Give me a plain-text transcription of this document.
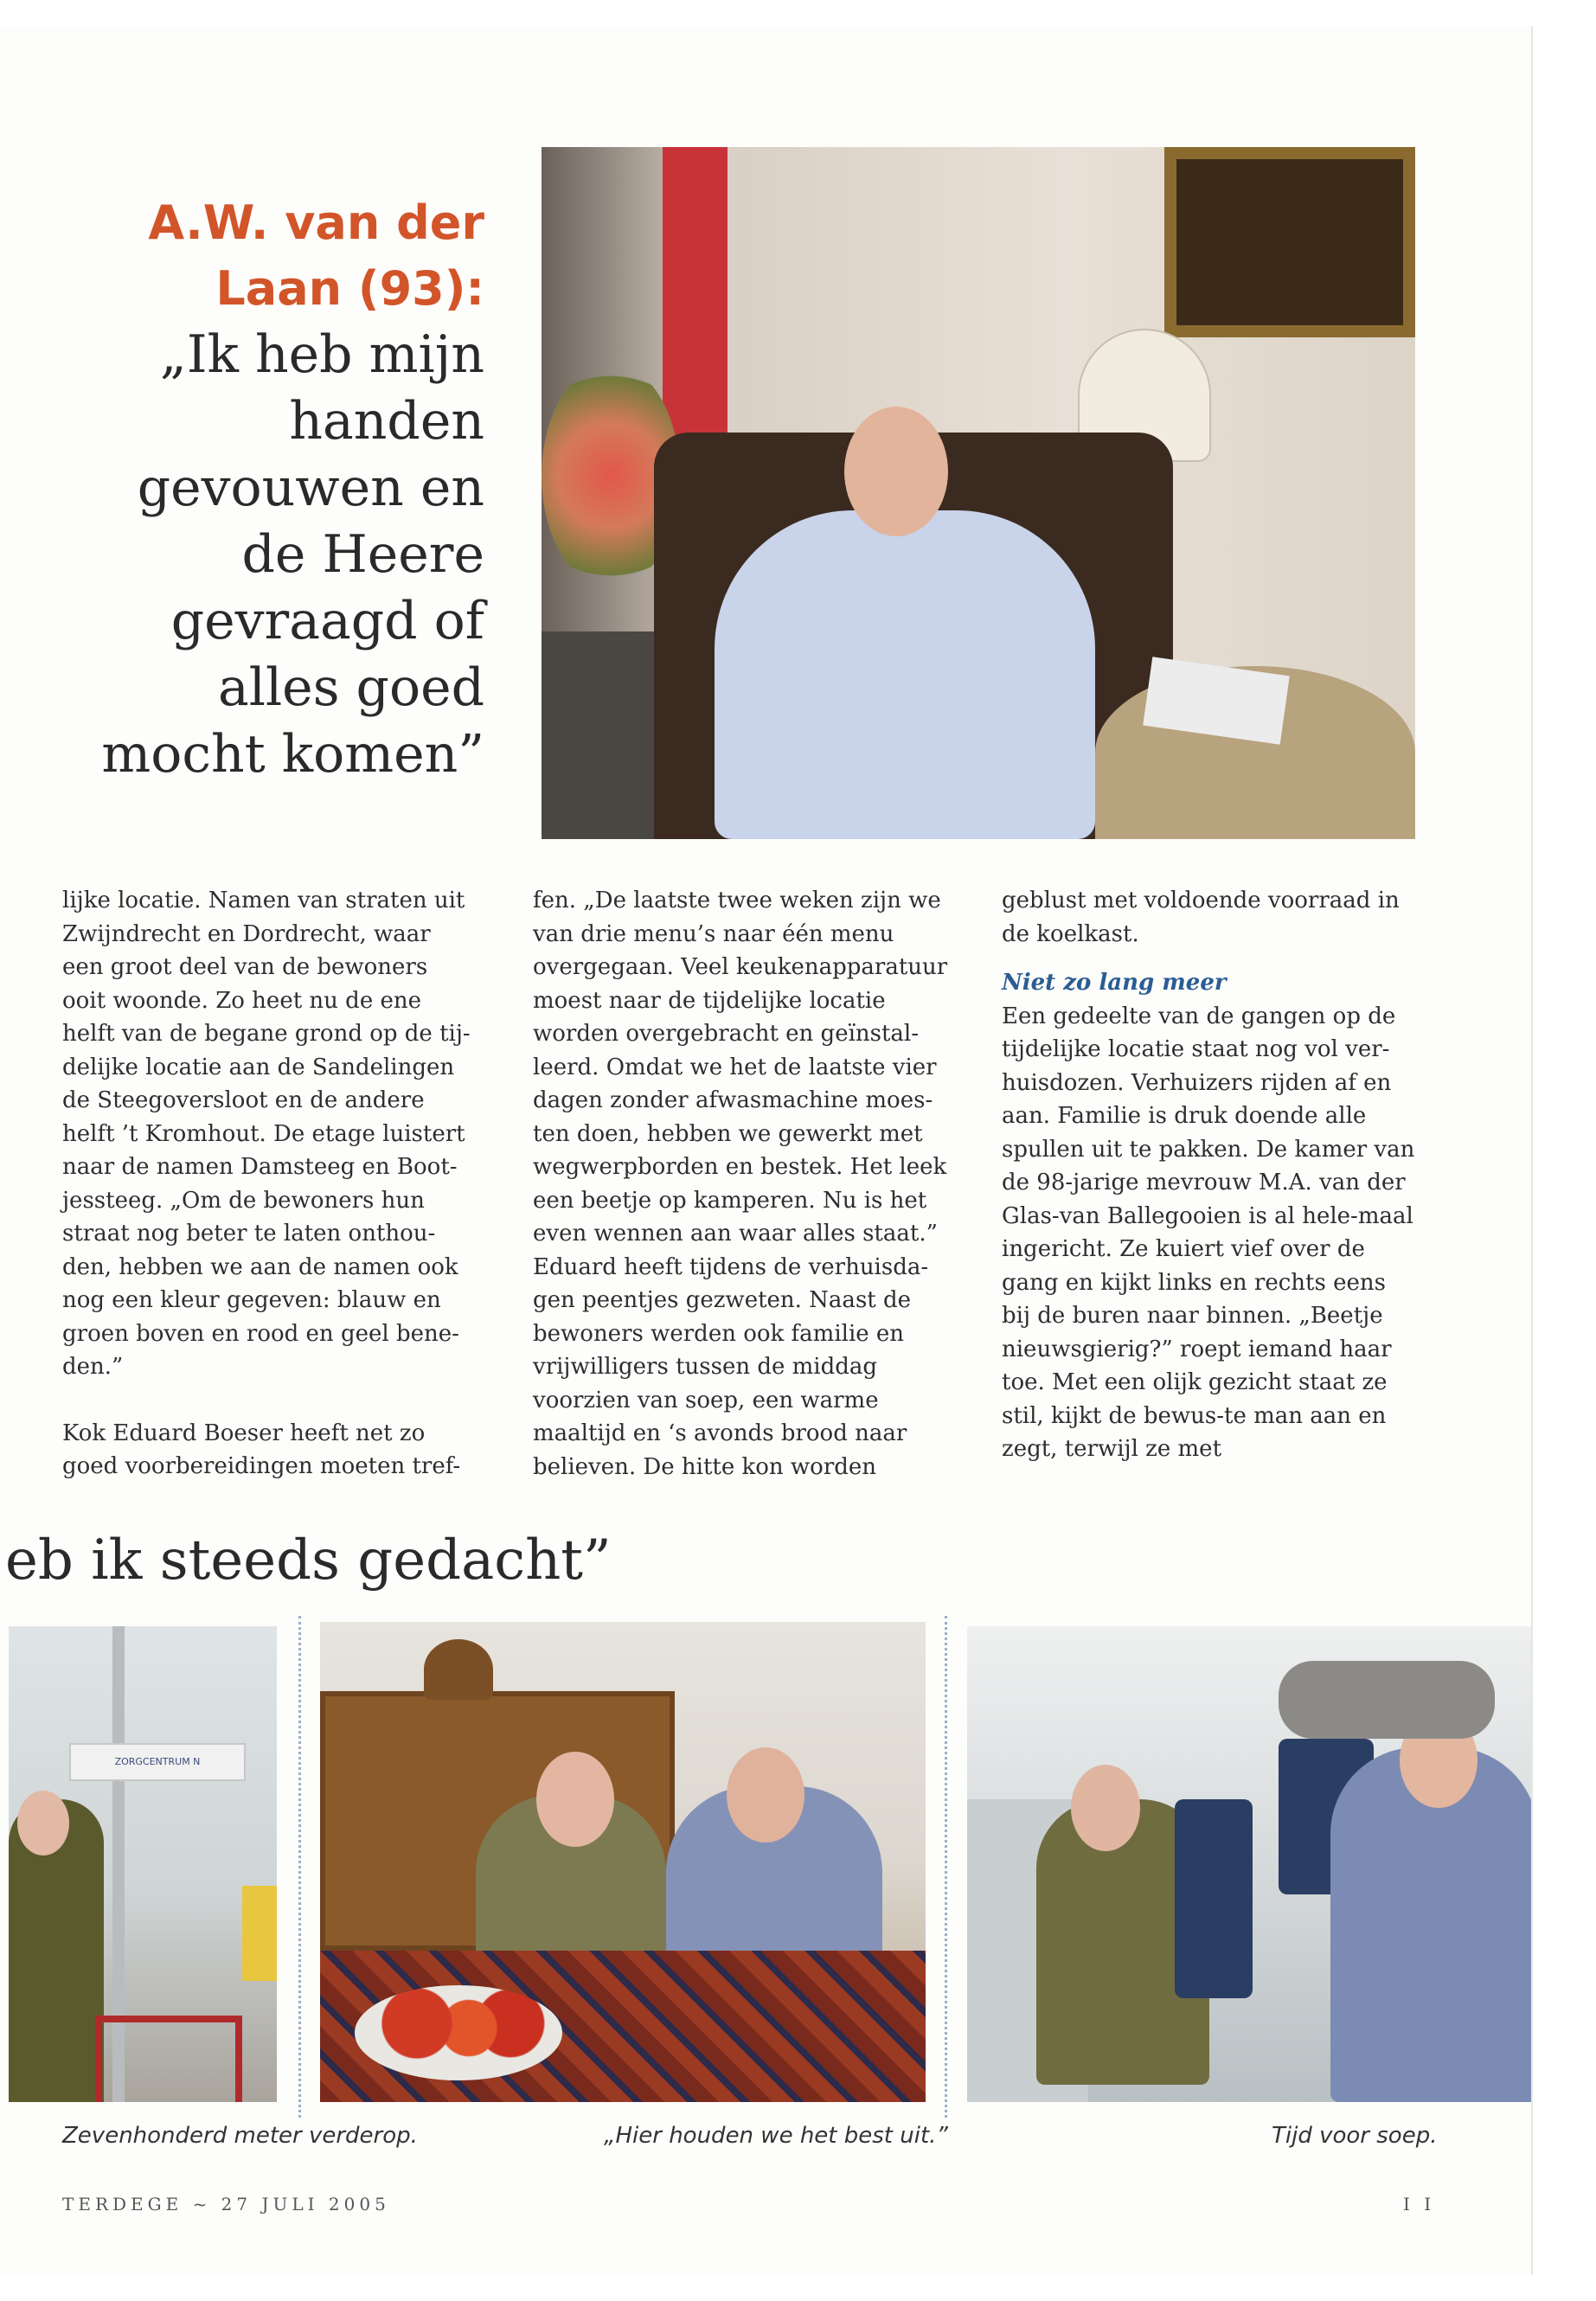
A.W. van der
Laan (93):
„Ik heb mijn
handen
gevouwen en
de Heere
gevraagd of
alles goed
mocht komen”

lijke locatie. Namen van straten uit Zwijndrecht en Dordrecht, waar een groot deel van de bewoners ooit woonde. Zo heet nu de ene helft van de begane grond op de tij-delijke locatie aan de Sandelingen de Steegoversloot en de andere helft ’t Kromhout. De etage luistert naar de namen Damsteeg en Boot-jessteeg. „Om de bewoners hun straat nog beter te laten onthou-den, hebben we aan de namen ook nog een kleur gegeven: blauw en groen boven en rood en geel bene-den.”

Kok Eduard Boeser heeft net zo goed voorbereidingen moeten tref-

fen. „De laatste twee weken zijn we van drie menu’s naar één menu overgegaan. Veel keukenapparatuur moest naar de tijdelijke locatie worden overgebracht en geïnstal-leerd. Omdat we het de laatste vier dagen zonder afwasmachine moes-ten doen, hebben we gewerkt met wegwerpborden en bestek. Het leek een beetje op kamperen. Nu is het even wennen aan waar alles staat.” Eduard heeft tijdens de verhuisda-gen peentjes gezweten. Naast de bewoners werden ook familie en vrijwilligers tussen de middag voorzien van soep, een warme maaltijd en ‘s avonds brood naar believen. De hitte kon worden

geblust met voldoende voorraad in de koelkast.

Niet zo lang meer

Een gedeelte van de gangen op de tijdelijke locatie staat nog vol ver-huisdozen. Verhuizers rijden af en aan. Familie is druk doende alle spullen uit te pakken. De kamer van de 98-jarige mevrouw M.A. van der Glas-van Ballegooien is al hele-maal ingericht. Ze kuiert vief over de gang en kijkt links en rechts eens bij de buren naar binnen. „Beetje nieuwsgierig?” roept iemand haar toe. Met een olijk gezicht staat ze stil, kijkt de bewus-te man aan en zegt, terwijl ze met

eb ik steeds gedacht”
ZORGCENTRUM N
Zevenhonderd meter verderop.	„Hier houden we het best uit.”	Tijd voor soep.
TERDEGE ~ 27 JULI 2005	I I
